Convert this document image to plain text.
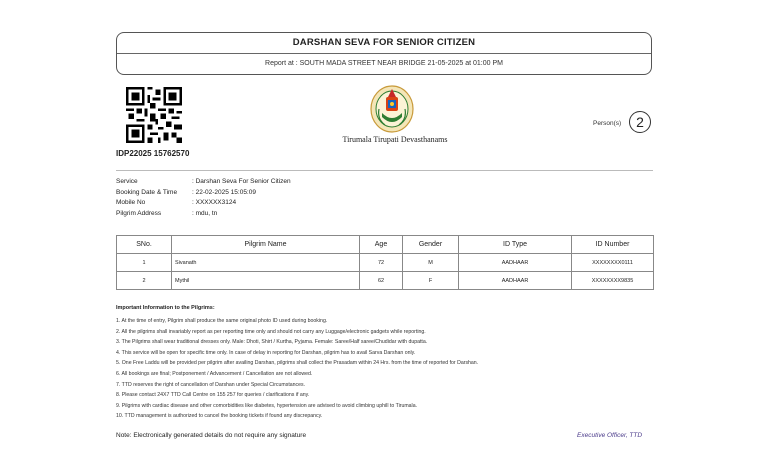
DARSHAN SEVA FOR SENIOR CITIZEN
Report at : SOUTH MADA STREET NEAR BRIDGE 21-05-2025 at 01:00 PM
IDP22025 15762570
Tirumala Tirupati Devasthanams
Person(s)	2
Service	: Darshan Seva For Senior Citizen
Booking Date & Time	: 22-02-2025 15:05:09
Mobile No	: XXXXXX3124
Pilgrim Address	: mdu, tn
SNo.	Pilgrim Name	Age	Gender	ID Type	ID Number
1	Sivanath	72	M	AADHAAR	XXXXXXXX0111
2	Mythil	62	F	AADHAAR	XXXXXXXX9835
Important Information to the Pilgrims:
1. At the time of entry, Pilgrim shall produce the same original photo ID used during booking.
2. All the pilgrims shall invariably report as per reporting time only and should not carry any Luggage/electronic gadgets while reporting.
3. The Pilgrims shall wear traditional dresses only. Male: Dhoti, Shirt / Kurtha, Pyjama. Female: Saree/Half saree/Chudidar with dupatta.
4. This service will be open for specific time only. In case of delay in reporting for Darshan, pilgrim has to avail Sarva Darshan only.
5. One Free Laddu will be provided per pilgrim after availing Darshan, pilgrims shall collect the Prasadam within 24 Hrs. from the time of reported for Darshan.
6. All bookings are final; Postponement / Advancement / Cancellation are not allowed.
7. TTD reserves the right of cancellation of Darshan under Special Circumstances.
8. Please contact 24X7 TTD Call Centre on 155 257 for queries / clarifications if any.
9. Pilgrims with cardiac disease and other comorbidities like diabetes, hypertension are advised to avoid climbing uphill to Tirumala.
10. TTD management is authorized to cancel the booking tickets if found any discrepancy.
Note: Electronically generated details do not require any signature	Executive Officer, TTD
